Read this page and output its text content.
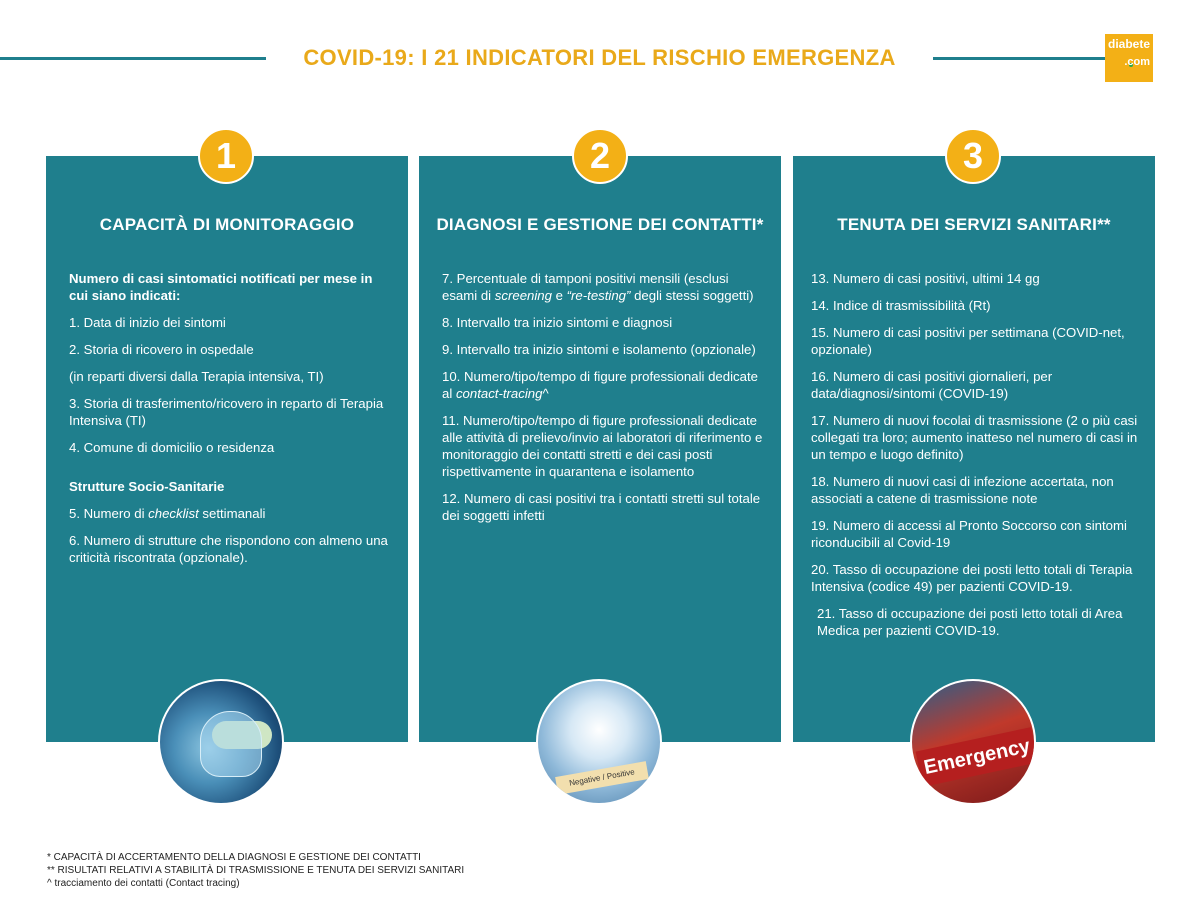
COVID-19: I 21 INDICATORI DEL RISCHIO EMERGENZA
diabete
.com
CAPACITÀ DI MONITORAGGIO

Numero di casi sintomatici notificati per mese in cui siano indicati:

1. Data di inizio dei sintomi

2. Storia di ricovero in ospedale

(in reparti diversi dalla Terapia intensiva, TI)

3. Storia di trasferimento/ricovero in reparto di Terapia Intensiva (TI)

4. Comune di domicilio o residenza

Strutture Socio-Sanitarie

5. Numero di checklist settimanali

6. Numero di strutture che rispondono con almeno una criticità riscontrata (opzionale).

1
DIAGNOSI E GESTIONE DEI CONTATTI*

7. Percentuale di tamponi positivi mensili (esclusi esami di screening e “re-testing” degli stessi soggetti)

8. Intervallo tra inizio sintomi e diagnosi

9. Intervallo tra inizio sintomi e isolamento (opzionale)

10. Numero/tipo/tempo di figure professionali dedicate al contact-tracing^

11. Numero/tipo/tempo di figure professionali dedicate alle attività di prelievo/invio ai laboratori di riferimento e monitoraggio dei contatti stretti e dei casi posti rispettivamente in quarantena e isolamento

12. Numero di casi positivi tra i contatti stretti sul totale dei soggetti infetti

2
TENUTA DEI SERVIZI SANITARI**

13. Numero di casi positivi, ultimi 14 gg

14. Indice di trasmissibilità (Rt)

15. Numero di casi positivi per settimana (COVID-net, opzionale)

16. Numero di casi positivi giornalieri, per data/diagnosi/sintomi (COVID-19)

17. Numero di nuovi focolai di trasmissione (2 o più casi collegati tra loro; aumento inatteso nel numero di casi in un tempo e luogo definito)

18. Numero di nuovi casi di infezione accertata, non associati a catene di trasmissione note

19. Numero di accessi al Pronto Soccorso con sintomi riconducibili al Covid-19

20. Tasso di occupazione dei posti letto totali di Terapia Intensiva (codice 49) per pazienti COVID-19.

21. Tasso di occupazione dei posti letto totali di Area Medica per pazienti COVID-19.

3
Negative / Positive	Emergency
* CAPACITÀ DI ACCERTAMENTO DELLA DIAGNOSI E GESTIONE DEI CONTATTI
** RISULTATI RELATIVI A STABILITÀ DI TRASMISSIONE E TENUTA DEI SERVIZI SANITARI
^ tracciamento dei contatti (Contact tracing)
